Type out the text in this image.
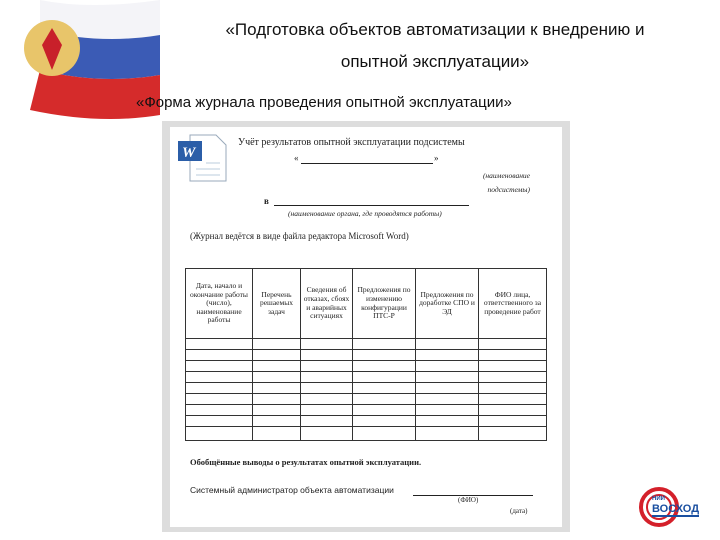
«Подготовка объектов автоматизации к внедрению и
опытной эксплуатации»
«Форма журнала проведения опытной эксплуатации»
W
Учёт результатов опытной эксплуатации подсистемы
«	»
(наименование подсистемы)
в
(наименование органа, где проводятся работы)
(Журнал ведётся в виде файла редактора Microsoft Word)
Дата, начало и окончание работы (число), наименование работы	Перечень решаемых задач	Сведения об отказах, сбоях и аварийных ситуациях	Предложения по изменению конфигурации ПТС-Р	Предложения по доработке СПО и ЭД	ФИО лица, ответственного за проведение работ

Обобщённые выводы о результатах опытной эксплуатации.
Системный администратор объекта автоматизации
(ФИО)
(дата)
НИИ
ВОСХОД
